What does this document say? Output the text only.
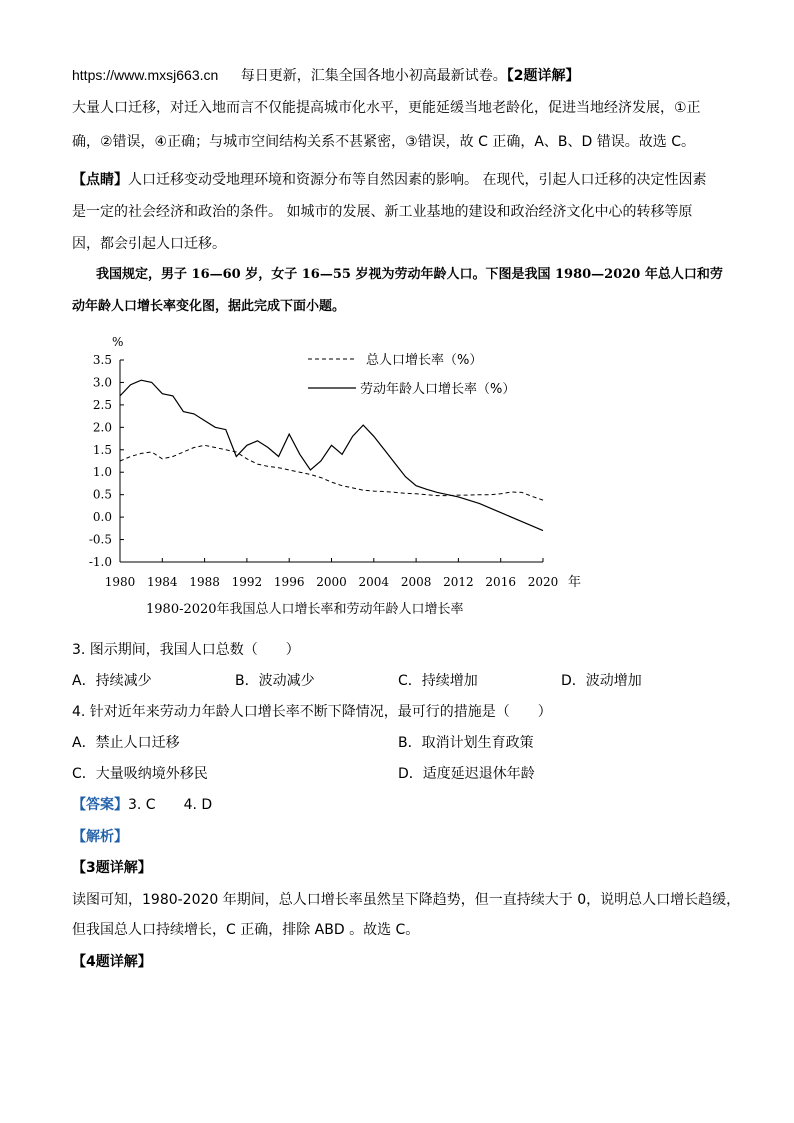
https://www.mxsj663.cn 每日更新，汇集全国各地小初高最新试卷。【2题详解】
大量人口迁移，对迁入地而言不仅能提高城市化水平，更能延缓当地老龄化，促进当地经济发展，①正
确，②错误，④正确；与城市空间结构关系不甚紧密，③错误，故 C 正确，A、B、D 错误。故选 C。
【点睛】人口迁移变动受地理环境和资源分布等自然因素的影响。 在现代，引起人口迁移的决定性因素
是一定的社会经济和政治的条件。 如城市的发展、新工业基地的建设和政治经济文化中心的转移等原
因，都会引起人口迁移。
我国规定，男子 16—60 岁，女子 16—55 岁视为劳动年龄人口。下图是我国 1980—2020 年总人口和劳
动年龄人口增长率变化图，据此完成下面小题。
%
3.5
3.0
2.5
2.0
1.5
1.0
0.5
0.0
-0.5
-1.0
1980 1984 1988 1992 1996 2000 2004 2008 2012 2016 2020 年
总人口增长率（%）
劳动年龄人口增长率（%）
1980-2020年我国总人口增长率和劳动年龄人口增长率
3. 图示期间，我国人口总数（　　）
A．持续减少	B．波动减少	C．持续增加	D．波动增加
4. 针对近年来劳动力年龄人口增长率不断下降情况，最可行的措施是（　　）
A．禁止人口迁移	B．取消计划生育政策
C．大量吸纳境外移民	D．适度延迟退休年龄
【答案】3. C　　4. D
【解析】
【3题详解】
读图可知，1980-2020 年期间，总人口增长率虽然呈下降趋势，但一直持续大于 0，说明总人口增长趋缓，
但我国总人口持续增长，C 正确，排除 ABD 。故选 C。
【4题详解】
